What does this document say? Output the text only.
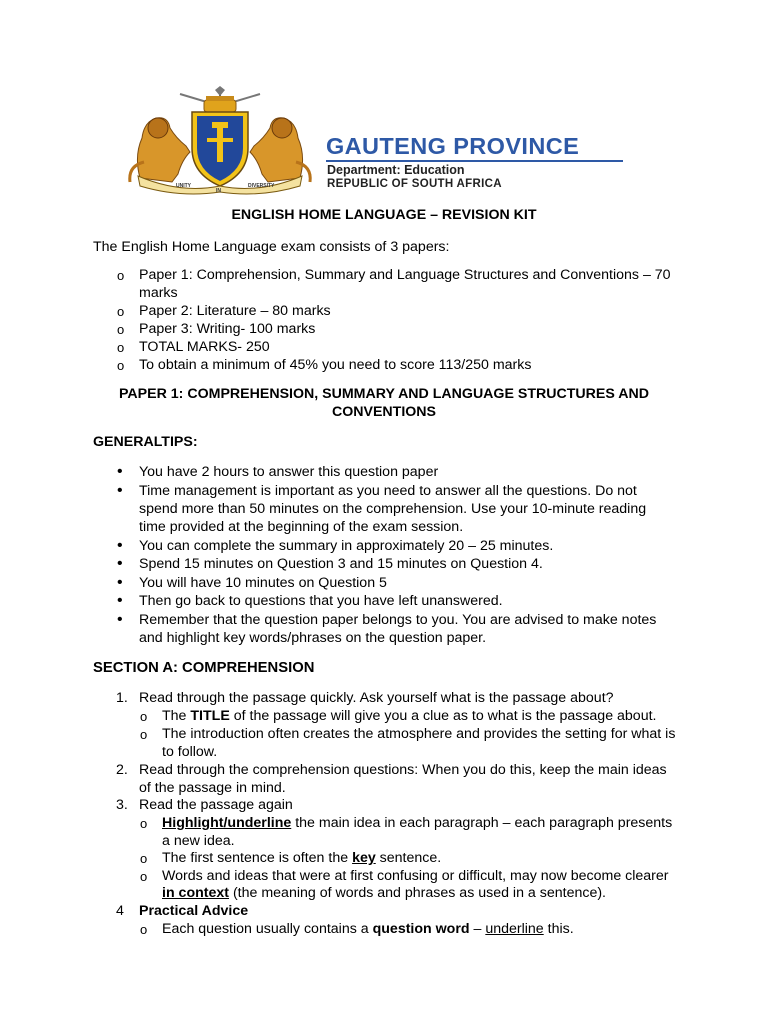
UNITY
IN
DIVERSITY
GAUTENG PROVINCE
Department: Education
REPUBLIC OF SOUTH AFRICA
ENGLISH HOME LANGUAGE – REVISION KIT
The English Home Language exam consists of 3 papers:
o Paper 1: Comprehension, Summary and Language Structures and Conventions – 70
marks
o Paper 2: Literature – 80 marks
o Paper 3: Writing- 100 marks
o TOTAL MARKS- 250
o To obtain a minimum of 45% you need to score 113/250 marks
PAPER 1: COMPREHENSION, SUMMARY AND LANGUAGE STRUCTURES AND
CONVENTIONS
GENERALTIPS:
• You have 2 hours to answer this question paper
• Time management is important as you need to answer all the questions. Do not
spend more than 50 minutes on the comprehension. Use your 10-minute reading
time provided at the beginning of the exam session.
• You can complete the summary in approximately 20 – 25 minutes.
• Spend 15 minutes on Question 3 and 15 minutes on Question 4.
• You will have 10 minutes on Question 5
• Then go back to questions that you have left unanswered.
• Remember that the question paper belongs to you. You are advised to make notes
and highlight key words/phrases on the question paper.
SECTION A: COMPREHENSION
1. Read through the passage quickly. Ask yourself what is the passage about?
o The TITLE of the passage will give you a clue as to what is the passage about.
o The introduction often creates the atmosphere and provides the setting for what is
to follow.
2. Read through the comprehension questions: When you do this, keep the main ideas
of the passage in mind.
3. Read the passage again
o Highlight/underline the main idea in each paragraph – each paragraph presents
a new idea.
o The first sentence is often the key sentence.
o Words and ideas that were at first confusing or difficult, may now become clearer
in context (the meaning of words and phrases as used in a sentence).
4 Practical Advice
o Each question usually contains a question word – underline this.
